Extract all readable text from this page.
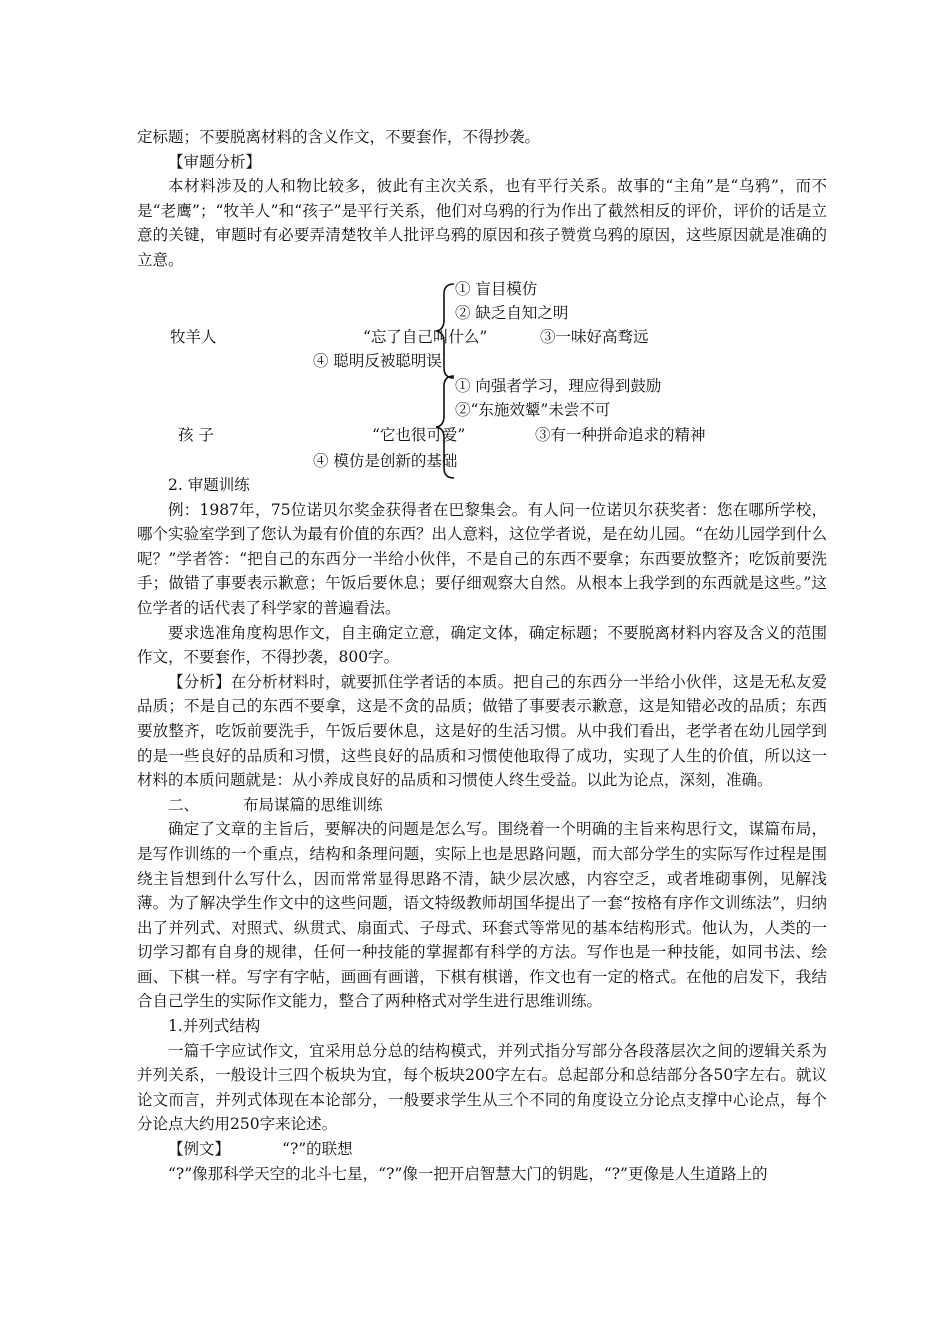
定标题；不要脱离材料的含义作文，不要套作，不得抄袭。

【审题分析】

本材料涉及的人和物比较多，彼此有主次关系，也有平行关系。故事的“主角”是“乌鸦”，而不是“老鹰”；“牧羊人”和“孩子”是平行关系，他们对乌鸦的行为作出了截然相反的评价，评价的话是立意的关键，审题时有必要弄清楚牧羊人批评乌鸦的原因和孩子赞赏乌鸦的原因，这些原因就是准确的立意。

① 盲目模仿
② 缺乏自知之明
牧羊人	“忘了自己叫什么”	③一味好高骛远
④ 聪明反被聪明误
① 向强者学习，理应得到鼓励
②“东施效颦”未尝不可
孩 子	“它也很可爱”	③有一种拼命追求的精神
④ 模仿是创新的基础

2. 审题训练

例：1987年，75位诺贝尔奖金获得者在巴黎集会。有人问一位诺贝尔获奖者：您在哪所学校，哪个实验室学到了您认为最有价值的东西？出人意料，这位学者说，是在幼儿园。“在幼儿园学到什么呢？”学者答：“把自己的东西分一半给小伙伴，不是自己的东西不要拿；东西要放整齐；吃饭前要洗手；做错了事要表示歉意；午饭后要休息；要仔细观察大自然。从根本上我学到的东西就是这些。”这位学者的话代表了科学家的普遍看法。

要求选准角度构思作文，自主确定立意，确定文体，确定标题；不要脱离材料内容及含义的范围作文，不要套作，不得抄袭，800字。

【分析】在分析材料时，就要抓住学者话的本质。把自己的东西分一半给小伙伴，这是无私友爱品质；不是自己的东西不要拿，这是不贪的品质；做错了事要表示歉意，这是知错必改的品质；东西要放整齐，吃饭前要洗手，午饭后要休息，这是好的生活习惯。从中我们看出，老学者在幼儿园学到的是一些良好的品质和习惯，这些良好的品质和习惯使他取得了成功，实现了人生的价值，所以这一材料的本质问题就是：从小养成良好的品质和习惯使人终生受益。以此为论点，深刻，准确。

二、	布局谋篇的思维训练

确定了文章的主旨后，要解决的问题是怎么写。围绕着一个明确的主旨来构思行文，谋篇布局，是写作训练的一个重点，结构和条理问题，实际上也是思路问题，而大部分学生的实际写作过程是围绕主旨想到什么写什么，因而常常显得思路不清，缺少层次感，内容空乏，或者堆砌事例，见解浅薄。为了解决学生作文中的这些问题，语文特级教师胡国华提出了一套“按格有序作文训练法”，归纳出了并列式、对照式、纵贯式、扇面式、子母式、环套式等常见的基本结构形式。他认为，人类的一切学习都有自身的规律，任何一种技能的掌握都有科学的方法。写作也是一种技能，如同书法、绘画、下棋一样。写字有字帖，画画有画谱，下棋有棋谱，作文也有一定的格式。在他的启发下，我结合自己学生的实际作文能力，整合了两种格式对学生进行思维训练。

1.并列式结构

一篇千字应试作文，宜采用总分总的结构模式，并列式指分写部分各段落层次之间的逻辑关系为并列关系，一般设计三四个板块为宜，每个板块200字左右。总起部分和总结部分各50字左右。就议论文而言，并列式体现在本论部分，一般要求学生从三个不同的角度设立分论点支撑中心论点，每个分论点大约用250字来论述。

【例文】	“?”的联想

“?”像那科学天空的北斗七星，“?”像一把开启智慧大门的钥匙，“?”更像是人生道路上的
